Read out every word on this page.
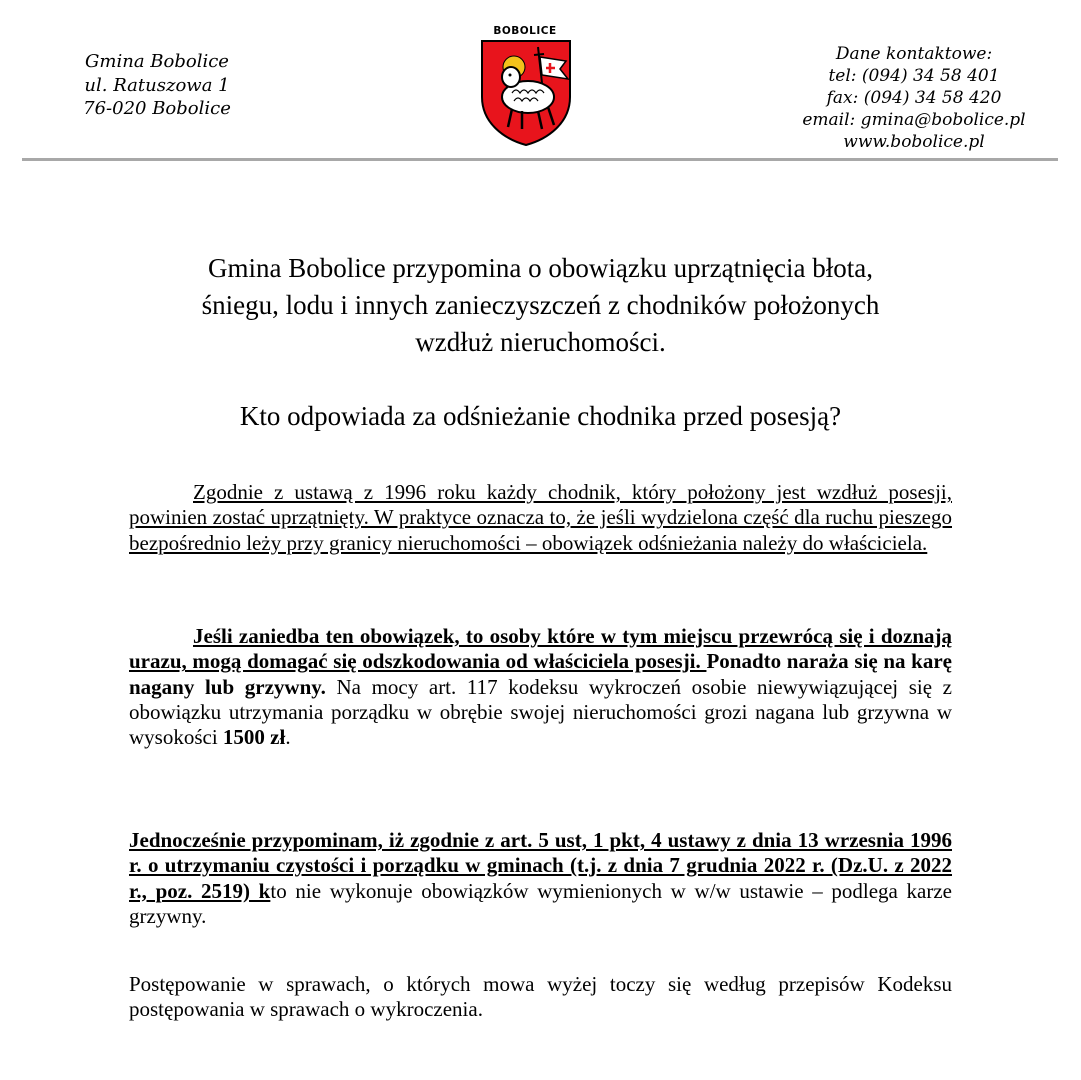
Gmina Bobolice
ul. Ratuszowa 1
76-020 Bobolice
BOBOLICE
Dane kontaktowe:
tel: (094) 34 58 401
fax: (094) 34 58 420
email: gmina@bobolice.pl
www.bobolice.pl
Gmina Bobolice przypomina o obowiązku uprzątnięcia błota,
śniegu, lodu i innych zanieczyszczeń z chodników położonych
wzdłuż nieruchomości.
Kto odpowiada za odśnieżanie chodnika przed posesją?
Zgodnie z ustawą z 1996 roku każdy chodnik, który położony jest wzdłuż posesji, powinien zostać uprzątnięty. W praktyce oznacza to, że jeśli wydzielona część dla ruchu pieszego bezpośrednio leży przy granicy nieruchomości – obowiązek odśnieżania należy do właściciela.
Jeśli zaniedba ten obowiązek, to osoby które w tym miejscu przewrócą się i doznają urazu, mogą domagać się odszkodowania od właściciela posesji. Ponadto naraża się na karę nagany lub grzywny. Na mocy art. 117 kodeksu wykroczeń osobie niewywiązującej się z obowiązku utrzymania porządku w obrębie swojej nieruchomości grozi nagana lub grzywna w wysokości 1500 zł.
Jednocześnie przypominam, iż zgodnie z art. 5 ust, 1 pkt, 4 ustawy z dnia 13 wrzesnia 1996 r. o utrzymaniu czystości i porządku w gminach (t.j. z dnia 7 grudnia 2022 r. (Dz.U. z 2022 r., poz. 2519) kto nie wykonuje obowiązków wymienionych w w/w ustawie – podlega karze grzywny.
Postępowanie w sprawach, o których mowa wyżej toczy się według przepisów Kodeksu postępowania w sprawach o wykroczenia.
